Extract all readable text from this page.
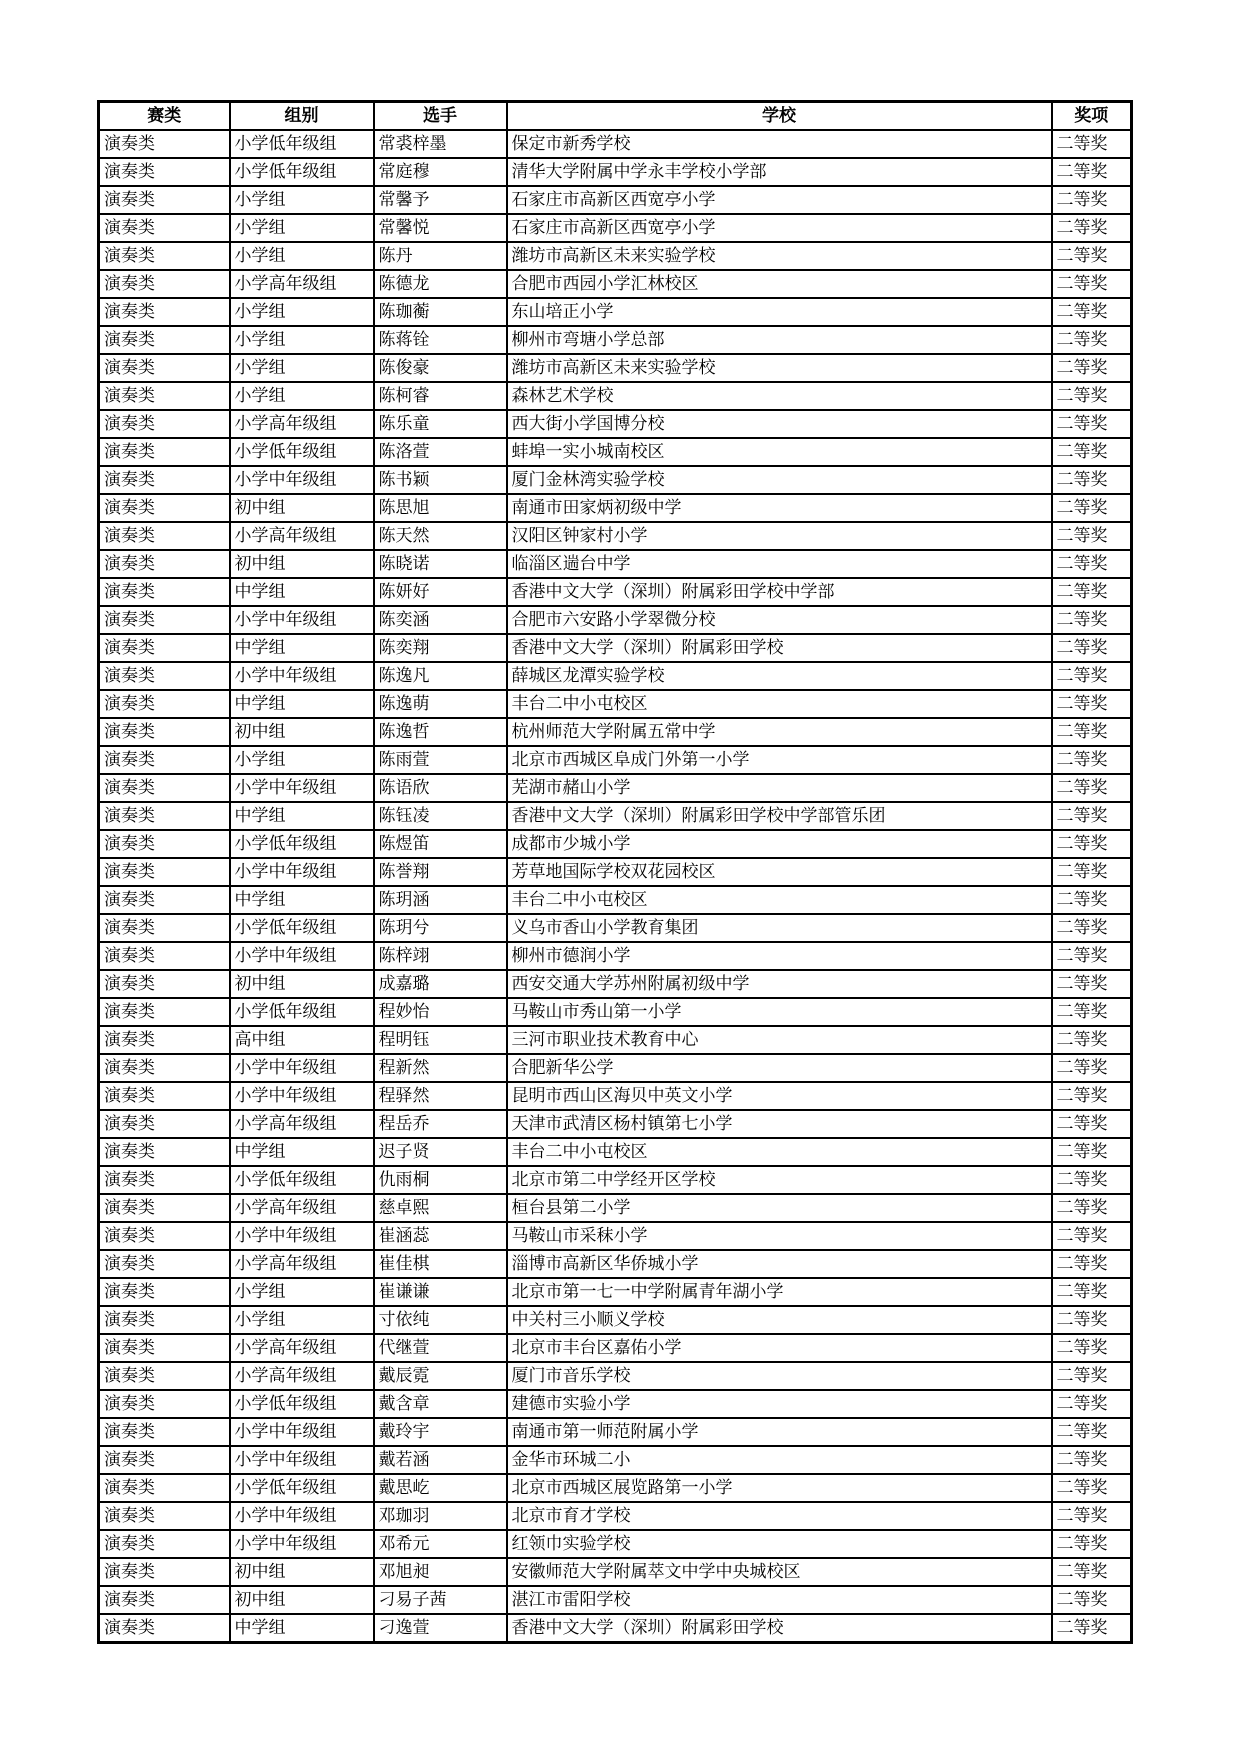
赛类	组别	选手	学校	奖项
演奏类	小学低年级组	常裘梓墨	保定市新秀学校	二等奖
演奏类	小学低年级组	常庭穆	清华大学附属中学永丰学校小学部	二等奖
演奏类	小学组	常馨予	石家庄市高新区西宽亭小学	二等奖
演奏类	小学组	常馨悦	石家庄市高新区西宽亭小学	二等奖
演奏类	小学组	陈丹	潍坊市高新区未来实验学校	二等奖
演奏类	小学高年级组	陈德龙	合肥市西园小学汇林校区	二等奖
演奏类	小学组	陈珈蘅	东山培正小学	二等奖
演奏类	小学组	陈蒋铨	柳州市弯塘小学总部	二等奖
演奏类	小学组	陈俊豪	潍坊市高新区未来实验学校	二等奖
演奏类	小学组	陈柯睿	森林艺术学校	二等奖
演奏类	小学高年级组	陈乐童	西大街小学国博分校	二等奖
演奏类	小学低年级组	陈洛萱	蚌埠一实小城南校区	二等奖
演奏类	小学中年级组	陈书颖	厦门金林湾实验学校	二等奖
演奏类	初中组	陈思旭	南通市田家炳初级中学	二等奖
演奏类	小学高年级组	陈天然	汉阳区钟家村小学	二等奖
演奏类	初中组	陈晓诺	临淄区遄台中学	二等奖
演奏类	中学组	陈妍好	香港中文大学（深圳）附属彩田学校中学部	二等奖
演奏类	小学中年级组	陈奕涵	合肥市六安路小学翠微分校	二等奖
演奏类	中学组	陈奕翔	香港中文大学（深圳）附属彩田学校	二等奖
演奏类	小学中年级组	陈逸凡	薛城区龙潭实验学校	二等奖
演奏类	中学组	陈逸萌	丰台二中小屯校区	二等奖
演奏类	初中组	陈逸哲	杭州师范大学附属五常中学	二等奖
演奏类	小学组	陈雨萱	北京市西城区阜成门外第一小学	二等奖
演奏类	小学中年级组	陈语欣	芜湖市赭山小学	二等奖
演奏类	中学组	陈钰凌	香港中文大学（深圳）附属彩田学校中学部管乐团	二等奖
演奏类	小学低年级组	陈煜笛	成都市少城小学	二等奖
演奏类	小学中年级组	陈誉翔	芳草地国际学校双花园校区	二等奖
演奏类	中学组	陈玥涵	丰台二中小屯校区	二等奖
演奏类	小学低年级组	陈玥兮	义乌市香山小学教育集团	二等奖
演奏类	小学中年级组	陈梓翊	柳州市德润小学	二等奖
演奏类	初中组	成嘉璐	西安交通大学苏州附属初级中学	二等奖
演奏类	小学低年级组	程妙怡	马鞍山市秀山第一小学	二等奖
演奏类	高中组	程明钰	三河市职业技术教育中心	二等奖
演奏类	小学中年级组	程新然	合肥新华公学	二等奖
演奏类	小学中年级组	程驿然	昆明市西山区海贝中英文小学	二等奖
演奏类	小学高年级组	程岳乔	天津市武清区杨村镇第七小学	二等奖
演奏类	中学组	迟子贤	丰台二中小屯校区	二等奖
演奏类	小学低年级组	仇雨桐	北京市第二中学经开区学校	二等奖
演奏类	小学高年级组	慈卓熙	桓台县第二小学	二等奖
演奏类	小学中年级组	崔涵蕊	马鞍山市采秣小学	二等奖
演奏类	小学高年级组	崔佳棋	淄博市高新区华侨城小学	二等奖
演奏类	小学组	崔谦谦	北京市第一七一中学附属青年湖小学	二等奖
演奏类	小学组	寸依纯	中关村三小顺义学校	二等奖
演奏类	小学高年级组	代继萱	北京市丰台区嘉佑小学	二等奖
演奏类	小学高年级组	戴辰霓	厦门市音乐学校	二等奖
演奏类	小学低年级组	戴含章	建德市实验小学	二等奖
演奏类	小学中年级组	戴玲宇	南通市第一师范附属小学	二等奖
演奏类	小学中年级组	戴若涵	金华市环城二小	二等奖
演奏类	小学低年级组	戴思屹	北京市西城区展览路第一小学	二等奖
演奏类	小学中年级组	邓珈羽	北京市育才学校	二等奖
演奏类	小学中年级组	邓希元	红领巾实验学校	二等奖
演奏类	初中组	邓旭昶	安徽师范大学附属萃文中学中央城校区	二等奖
演奏类	初中组	刁易子茜	湛江市雷阳学校	二等奖
演奏类	中学组	刁逸萱	香港中文大学（深圳）附属彩田学校	二等奖
